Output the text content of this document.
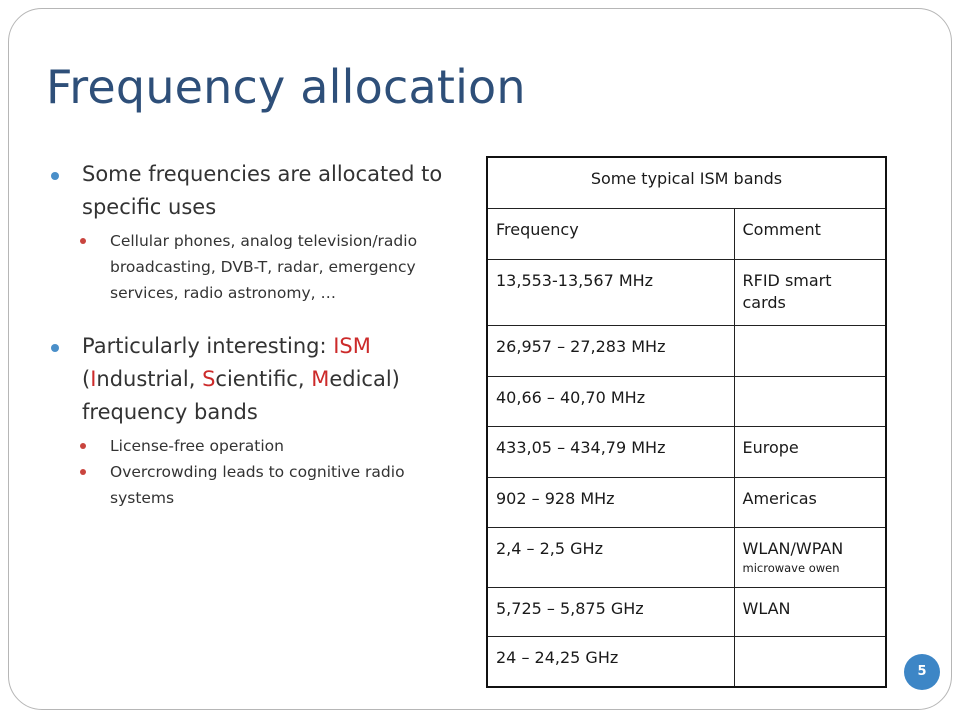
Frequency allocation
Some frequencies are allocated to specific uses
Cellular phones, analog television/radio broadcasting, DVB-T, radar, emergency services, radio astronomy, …
Particularly interesting: ISM (Industrial, Scientific, Medical) frequency bands
License-free operation
Overcrowding leads to cognitive radio systems
Some typical ISM bands	
Frequency	Comment
13,553-13,567 MHz	RFID smart cards
26,957 – 27,283 MHz	
40,66 – 40,70 MHz	
433,05 – 434,79 MHz	Europe
902 – 928 MHz	Americas
2,4 – 2,5 GHz	WLAN/WPAN
microwave owen

5,725 – 5,875 GHz	WLAN
24 – 24,25 GHz	
5
